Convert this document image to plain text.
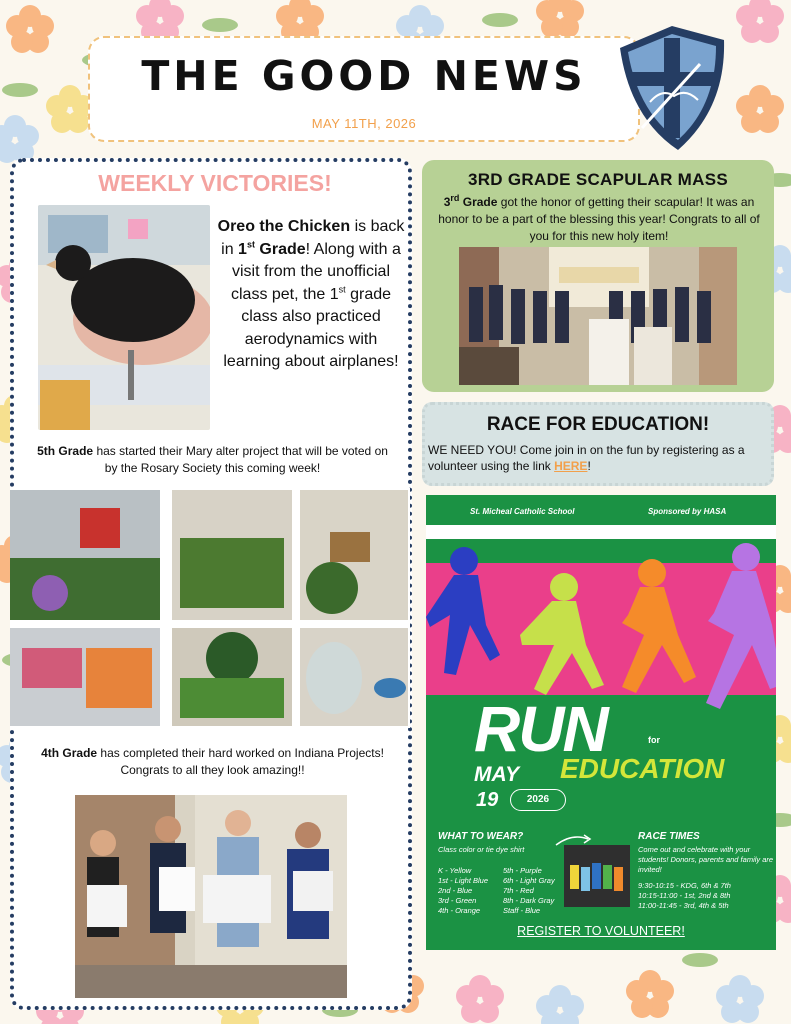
THE GOOD NEWS
MAY 11TH, 2026
WEEKLY VICTORIES!
Oreo the Chicken is back in 1st Grade! Along with a visit from the unofficial class pet, the 1st grade class also practiced aerodynamics with learning about airplanes!
5th Grade has started their Mary alter project that will be voted on by the Rosary Society this coming week!
4th Grade has completed their hard worked on Indiana Projects! Congrats to all they look amazing!!
3RD GRADE SCAPULAR MASS
3rd Grade got the honor of getting their scapular! It was an honor to be a part of the blessing this year! Congrats to all of you for this new holy item!
RACE FOR EDUCATION!
WE NEED YOU! Come join in on the fun by registering as a volunteer using the link HERE!
St. Micheal Catholic School	Sponsored by HASA
RUN	for
MAY EDUCATION
19	2026
WHAT TO WEAR?
Class color or tie dye shirt
K - Yellow
1st - Light Blue
2nd - Blue
3rd - Green
4th - Orange
5th - Purple
6th - Light Gray
7th - Red
8th - Dark Gray
Staff - Blue
RACE TIMES
Come out and celebrate with your students! Donors, parents and family are invited!
9:30-10:15 - KDG, 6th & 7th
10:15-11:00 - 1st, 2nd & 8th
11:00-11:45 - 3rd, 4th & 5th
REGISTER TO VOLUNTEER!
